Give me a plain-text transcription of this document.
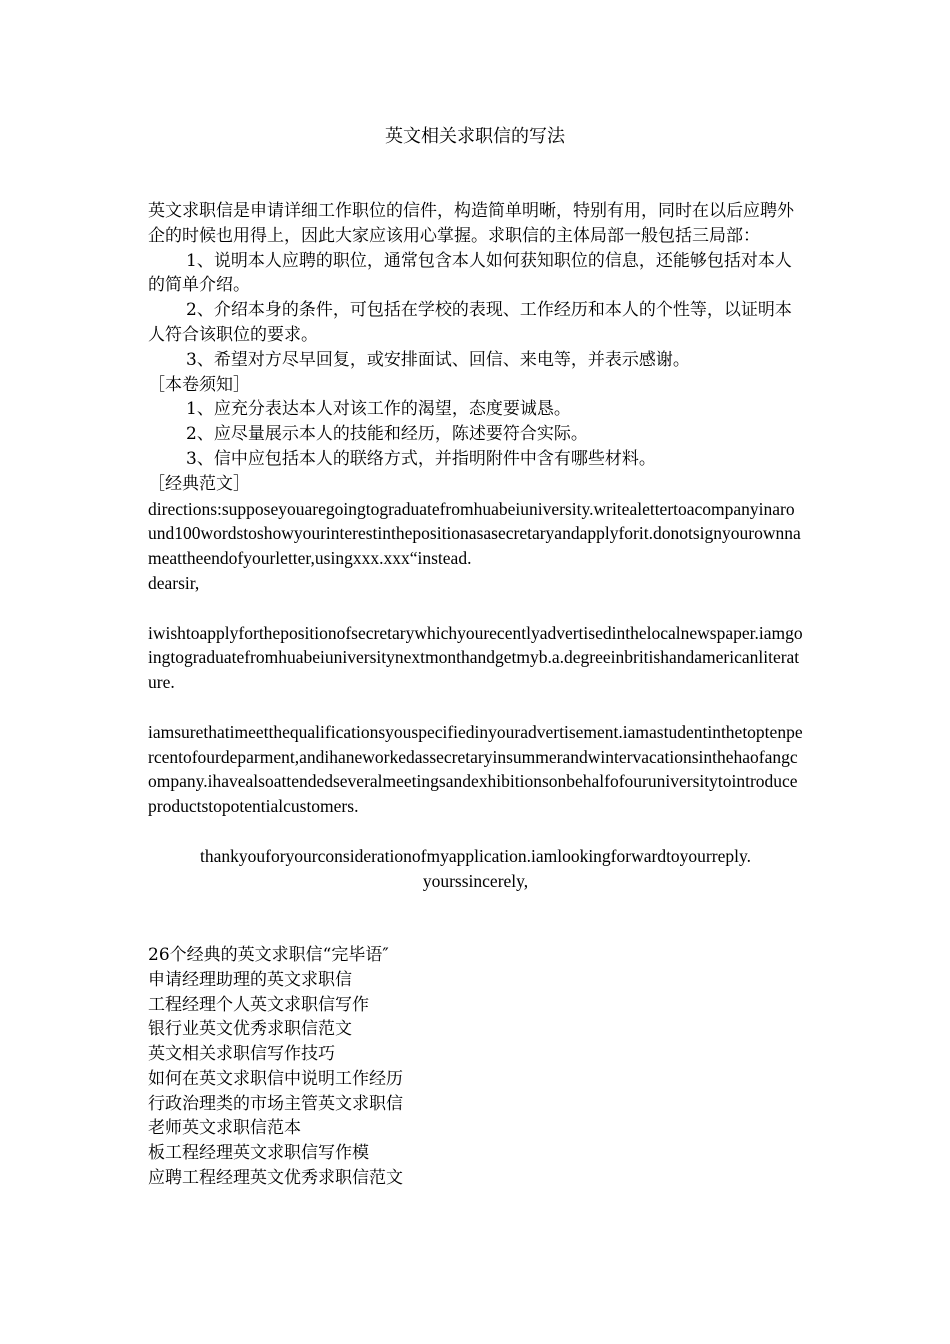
英文相关求职信的写法

英文求职信是申请详细工作职位的信件，构造简单明晰，特别有用，同时在以后应聘外企的时候也用得上，因此大家应该用心掌握。求职信的主体局部一般包括三局部：

1、说明本人应聘的职位，通常包含本人如何获知职位的信息，还能够包括对本人的简单介绍。

2、介绍本身的条件，可包括在学校的表现、工作经历和本人的个性等，以证明本人符合该职位的要求。

3、希望对方尽早回复，或安排面试、回信、来电等，并表示感谢。

［本卷须知］

1、应充分表达本人对该工作的渴望，态度要诚恳。

2、应尽量展示本人的技能和经历，陈述要符合实际。

3、信中应包括本人的联络方式，并指明附件中含有哪些材料。

［经典范文］

directions:supposeyouaregoingtograduatefromhuabeiuniversity.writealettertoacompanyinaround100wordstoshowyourinterestinthepositionasasecretaryandapplyforit.donotsignyourownnameattheendofyourletter,usingxxx.xxx“instead.

dearsir,

iwishtoapplyforthepositionofsecretarywhichyourecentlyadvertisedinthelocalnewspaper.iamgoingtograduatefromhuabeiuniversitynextmonthandgetmyb.a.degreeinbritishandamericanliterature.

iamsurethatimeetthequalificationsyouspecifiedinyouradvertisement.iamastudentinthetoptenpercentofourdeparment,andihaneworkedassecretaryinsummerandwintervacationsinthehaofangcompany.ihavealsoattendedseveralmeetingsandexhibitionsonbehalfofouruniversitytointroduceproductstopotentialcustomers.

thankyouforyourconsiderationofmyapplication.iamlookingforwardtoyourreply.

yourssincerely,

26个经典的英文求职信“完毕语″

申请经理助理的英文求职信

工程经理个人英文求职信写作

银行业英文优秀求职信范文

英文相关求职信写作技巧

如何在英文求职信中说明工作经历

行政治理类的市场主管英文求职信

老师英文求职信范本

板工程经理英文求职信写作模

应聘工程经理英文优秀求职信范文
